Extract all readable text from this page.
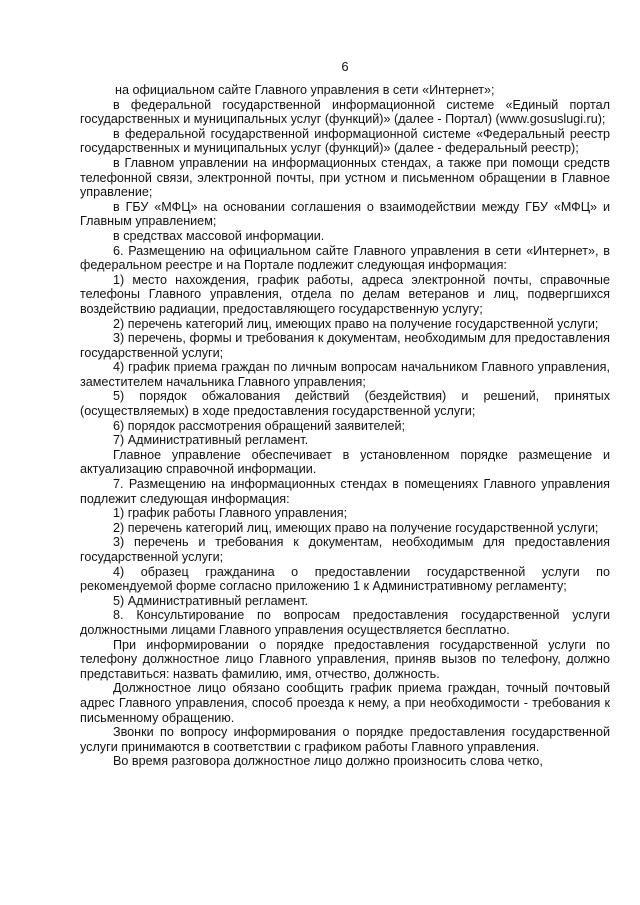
6

на официальном сайте Главного управления в сети «Интернет»;

в федеральной государственной информационной системе «Единый портал государственных и муниципальных услуг (функций)» (далее - Портал) (www.gosuslugi.ru);

в федеральной государственной информационной системе «Федеральный реестр государственных и муниципальных услуг (функций)» (далее - федеральный реестр);

в Главном управлении на информационных стендах, а также при помощи средств телефонной связи, электронной почты, при устном и письменном обращении в Главное управление;

в ГБУ «МФЦ» на основании соглашения о взаимодействии между ГБУ «МФЦ» и Главным управлением;

в средствах массовой информации.

6. Размещению на официальном сайте Главного управления в сети «Интернет», в федеральном реестре и на Портале подлежит следующая информация:

1) место нахождения, график работы, адреса электронной почты, справочные телефоны Главного управления, отдела по делам ветеранов и лиц, подвергшихся воздействию радиации, предоставляющего государственную услугу;

2) перечень категорий лиц, имеющих право на получение государственной услуги;

3) перечень, формы и требования к документам, необходимым для предоставления государственной услуги;

4) график приема граждан по личным вопросам начальником Главного управления, заместителем начальника Главного управления;

5) порядок обжалования действий (бездействия) и решений, принятых (осуществляемых) в ходе предоставления государственной услуги;

6) порядок рассмотрения обращений заявителей;

7) Административный регламент.

Главное управление обеспечивает в установленном порядке размещение и актуализацию справочной информации.

7. Размещению на информационных стендах в помещениях Главного управления подлежит следующая информация:

1) график работы Главного управления;

2) перечень категорий лиц, имеющих право на получение государственной услуги;

3) перечень и требования к документам, необходимым для предоставления государственной услуги;

4) образец гражданина о предоставлении государственной услуги по рекомендуемой форме согласно приложению 1 к Административному регламенту;

5) Административный регламент.

8. Консультирование по вопросам предоставления государственной услуги должностными лицами Главного управления осуществляется бесплатно.

При информировании о порядке предоставления государственной услуги по телефону должностное лицо Главного управления, приняв вызов по телефону, должно представиться: назвать фамилию, имя, отчество, должность.

Должностное лицо обязано сообщить график приема граждан, точный почтовый адрес Главного управления, способ проезда к нему, а при необходимости - требования к письменному обращению.

Звонки по вопросу информирования о порядке предоставления государственной услуги принимаются в соответствии с графиком работы Главного управления.

Во время разговора должностное лицо должно произносить слова четко,
